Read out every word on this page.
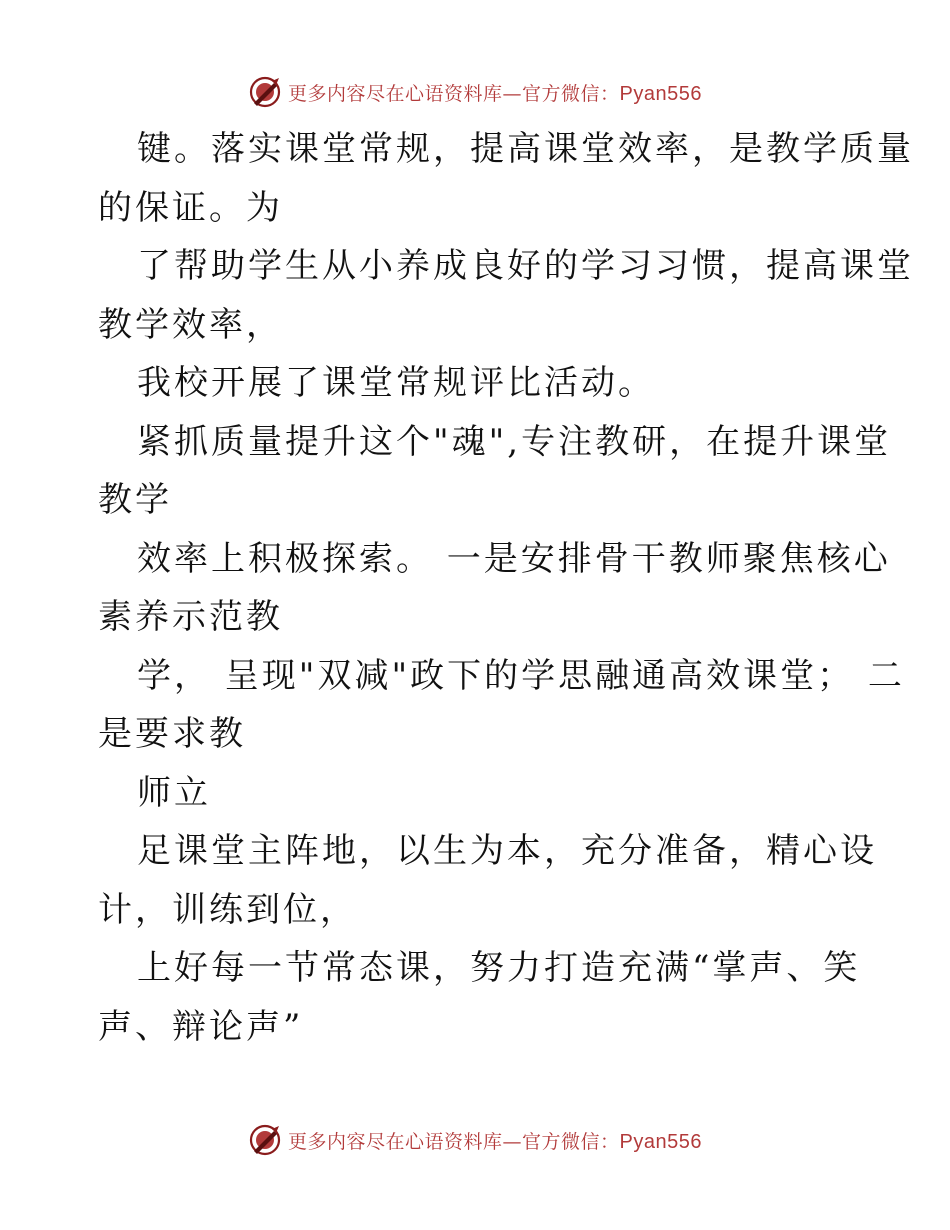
更多内容尽在心语资料库—官方微信：Pyan556
键。落实课堂常规，提高课堂效率，是教学质量
的保证。为
了帮助学生从小养成良好的学习习惯，提高课堂
教学效率，
我校开展了课堂常规评比活动。
紧抓质量提升这个"魂",专注教研，在提升课堂
教学
效率上积极探索。 一是安排骨干教师聚焦核心
素养示范教
学， 呈现"双减"政下的学思融通高效课堂； 二
是要求教
师立
足课堂主阵地，以生为本，充分准备，精心设
计，训练到位，
上好每一节常态课，努力打造充满“掌声、笑
声、辩论声”
更多内容尽在心语资料库—官方微信：Pyan556
